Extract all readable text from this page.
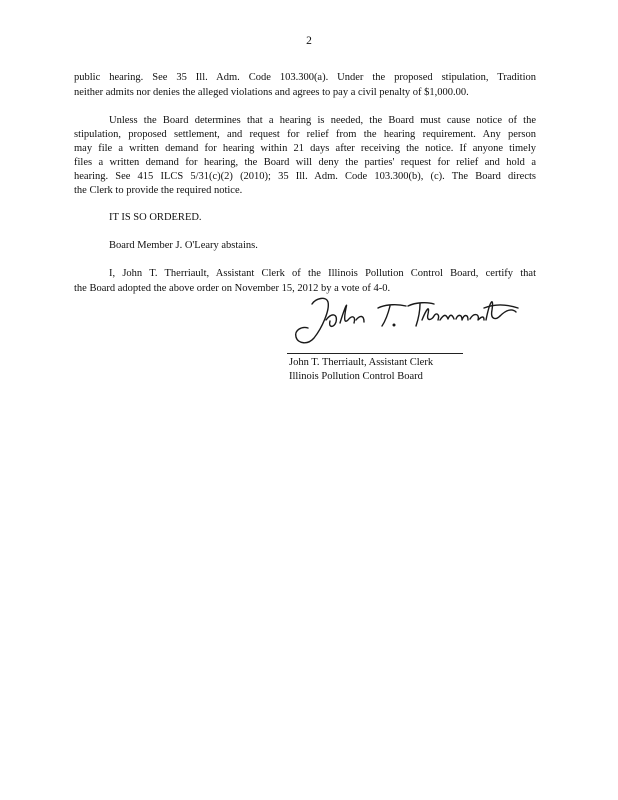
2
public hearing. See 35 Ill. Adm. Code 103.300(a). Under the proposed stipulation, Tradition
neither admits nor denies the alleged violations and agrees to pay a civil penalty of $1,000.00.
Unless the Board determines that a hearing is needed, the Board must cause notice of the
stipulation, proposed settlement, and request for relief from the hearing requirement. Any person
may file a written demand for hearing within 21 days after receiving the notice. If anyone timely
files a written demand for hearing, the Board will deny the parties' request for relief and hold a
hearing. See 415 ILCS 5/31(c)(2) (2010); 35 Ill. Adm. Code 103.300(b), (c). The Board directs
the Clerk to provide the required notice.
IT IS SO ORDERED.
Board Member J. O'Leary abstains.
I, John T. Therriault, Assistant Clerk of the Illinois Pollution Control Board, certify that
the Board adopted the above order on November 15, 2012 by a vote of 4-0.
John T. Therriault, Assistant Clerk
Illinois Pollution Control Board
